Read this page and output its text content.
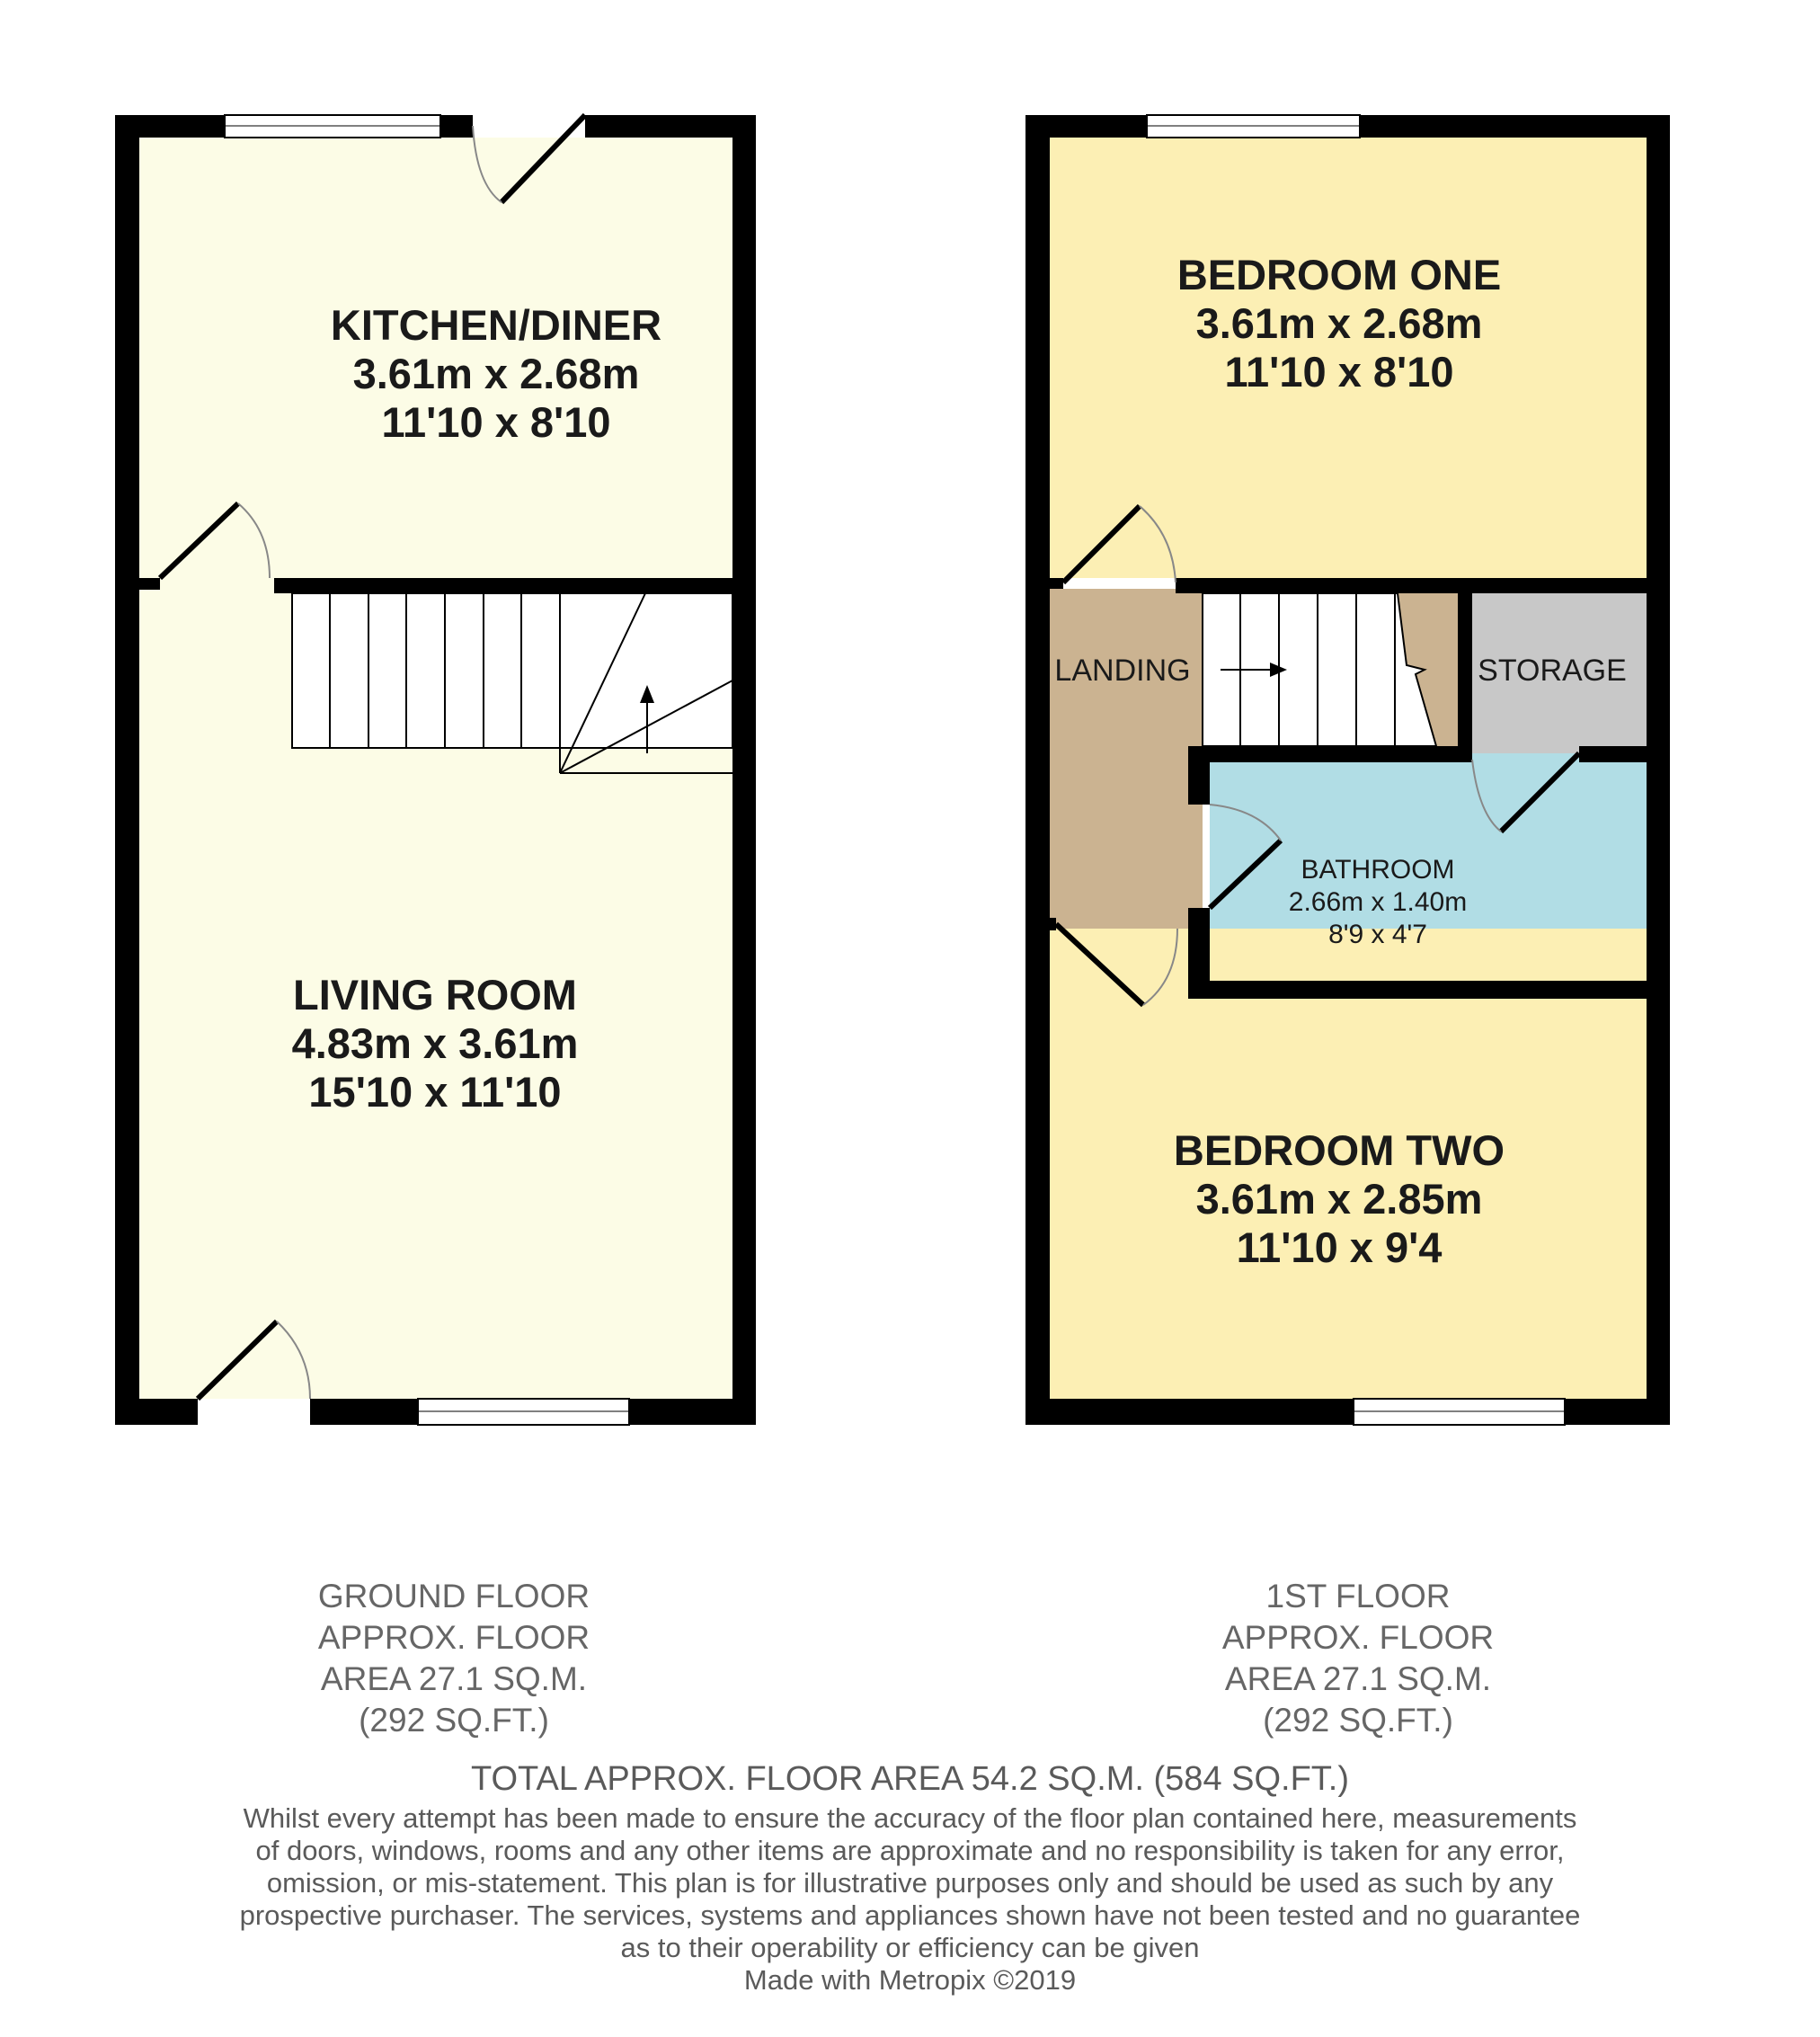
KITCHEN/DINER
3.61m x 2.68m
11'10 x 8'10
LIVING ROOM
4.83m x 3.61m
15'10 x 11'10
BEDROOM ONE
3.61m x 2.68m
11'10 x 8'10
LANDING	STORAGE
BATHROOM
2.66m x 1.40m
8'9 x 4'7
BEDROOM TWO
3.61m x 2.85m
11'10 x 9'4
GROUND FLOOR
APPROX. FLOOR
AREA 27.1 SQ.M.
(292 SQ.FT.)
1ST FLOOR
APPROX. FLOOR
AREA 27.1 SQ.M.
(292 SQ.FT.)
TOTAL APPROX. FLOOR AREA 54.2 SQ.M. (584 SQ.FT.)
Whilst every attempt has been made to ensure the accuracy of the floor plan contained here, measurements
of doors, windows, rooms and any other items are approximate and no responsibility is taken for any error,
omission, or mis-statement. This plan is for illustrative purposes only and should be used as such by any
prospective purchaser. The services, systems and appliances shown have not been tested and no guarantee
as to their operability or efficiency can be given
Made with Metropix ©2019
